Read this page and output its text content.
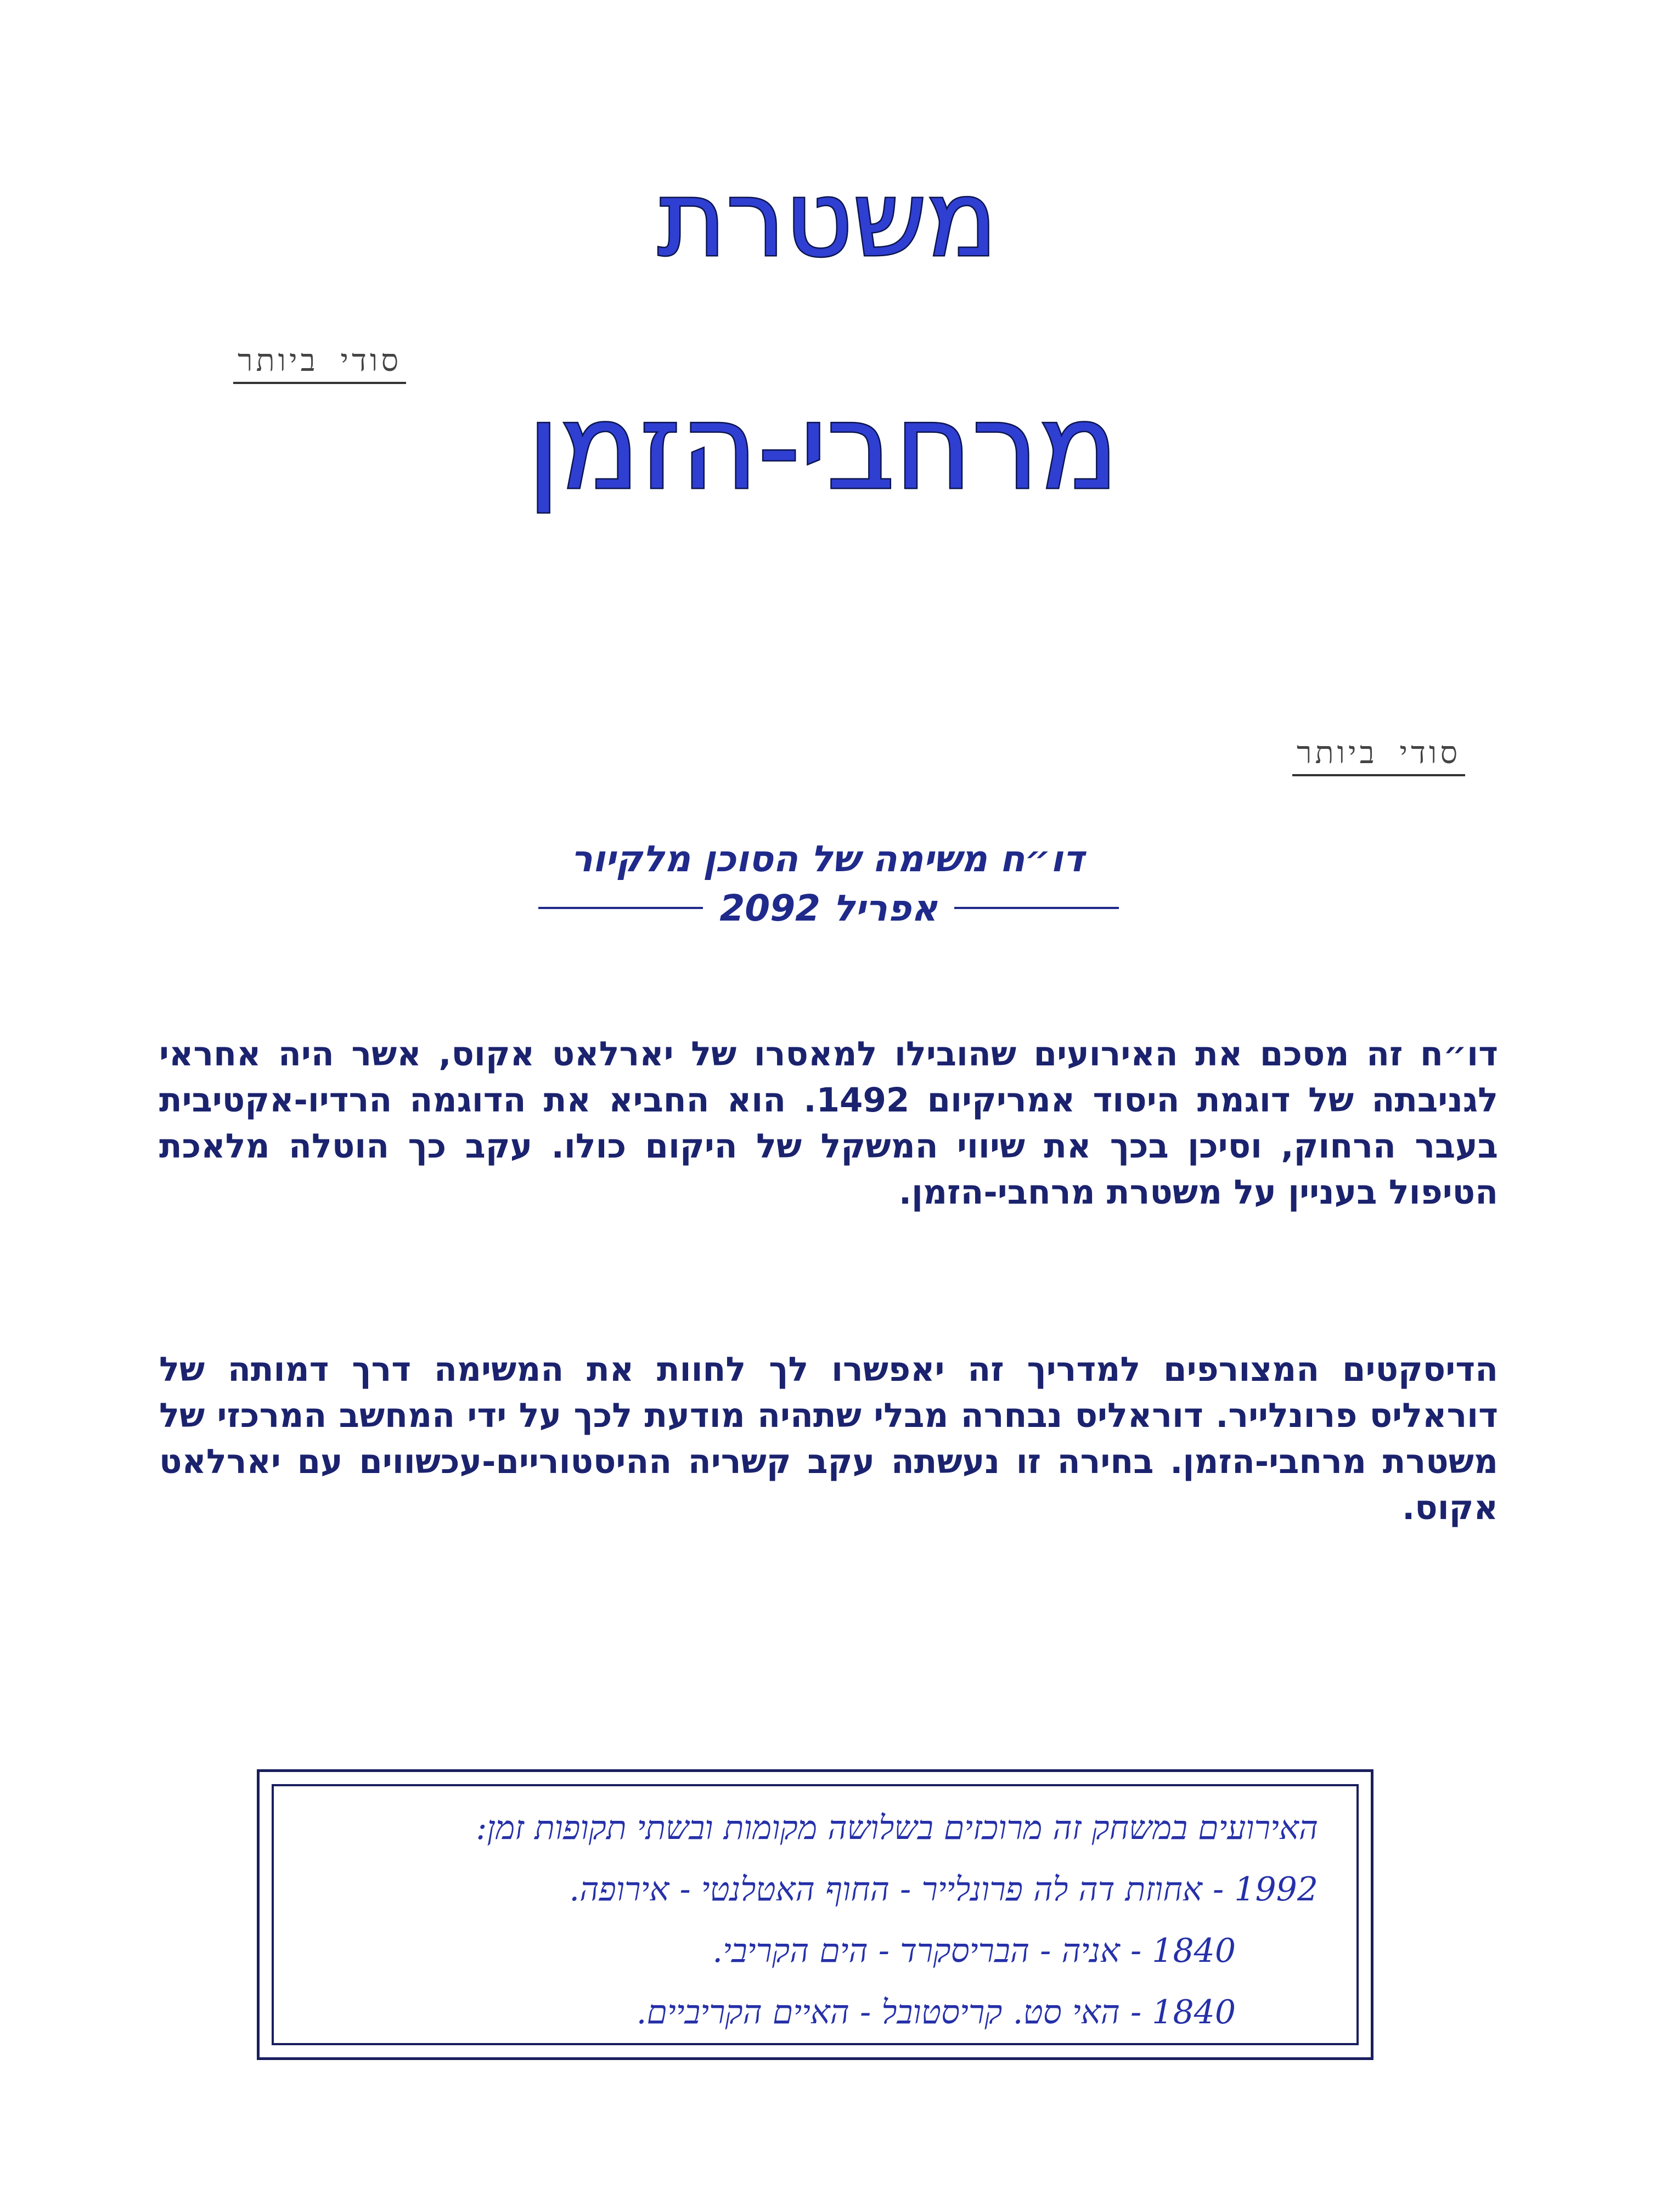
משטרת
סודי ביותר
מרחבי-הזמן
סודי ביותר
דו״ח משימה של הסוכן מלקיור
אפריל 2092

דו״ח זה מסכם את האירועים שהובילו למאסרו של יארלאט אקוס, אשר היה אחראי לגניבתה של דוגמת היסוד אמריקיום 1492. הוא החביא את הדוגמה הרדיו-אקטיבית בעבר הרחוק, וסיכן בכך את שיווי המשקל של היקום כולו. עקב כך הוטלה מלאכת הטיפול בעניין על משטרת מרחבי-הזמן.

הדיסקטים המצורפים למדריך זה יאפשרו לך לחוות את המשימה דרך דמותה של דוראליס פרונלייר. דוראליס נבחרה מבלי שתהיה מודעת לכך על ידי המחשב המרכזי של משטרת מרחבי-הזמן. בחירה זו נעשתה עקב קשריה ההיסטוריים-עכשווים עם יארלאט אקוס.

האירועים במשחק זה מרוכזים בשלושה מקומות ובשתי תקופות זמן:
1992 - אחוזת דה לה פרונלייר - החוף האטלנטי - אירופה.
1840 - אניה - הבריסקרד - הים הקריבי.
1840 - האי סט. קריסטובל - האיים הקריביים.
